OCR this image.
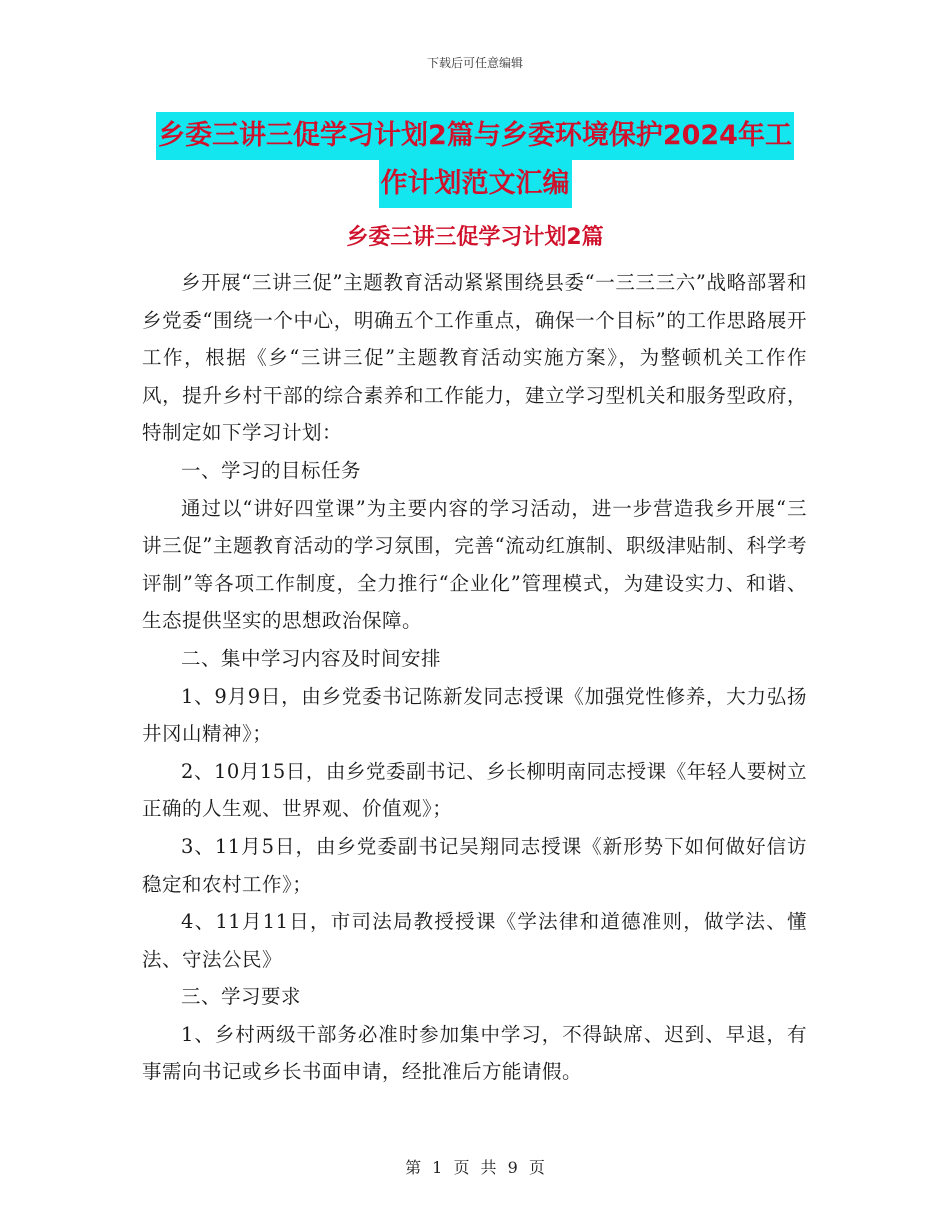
下载后可任意编辑
乡委三讲三促学习计划2篇与乡委环境保护2024年工
作计划范文汇编
乡委三讲三促学习计划2篇

乡开展“三讲三促”主题教育活动紧紧围绕县委“一三三三六”战略部署和乡党委“围绕一个中心，明确五个工作重点，确保一个目标”的工作思路展开工作，根据《乡“三讲三促”主题教育活动实施方案》，为整顿机关工作作风，提升乡村干部的综合素养和工作能力，建立学习型机关和服务型政府，特制定如下学习计划：

一、学习的目标任务

通过以“讲好四堂课”为主要内容的学习活动，进一步营造我乡开展“三讲三促”主题教育活动的学习氛围，完善“流动红旗制、职级津贴制、科学考评制”等各项工作制度，全力推行“企业化”管理模式，为建设实力、和谐、生态提供坚实的思想政治保障。

二、集中学习内容及时间安排

1、9月9日，由乡党委书记陈新发同志授课《加强党性修养，大力弘扬井冈山精神》；

2、10月15日，由乡党委副书记、乡长柳明南同志授课《年轻人要树立正确的人生观、世界观、价值观》；

3、11月5日，由乡党委副书记吴翔同志授课《新形势下如何做好信访稳定和农村工作》；

4、11月11日，市司法局教授授课《学法律和道德准则，做学法、懂法、守法公民》

三、学习要求

1、乡村两级干部务必准时参加集中学习，不得缺席、迟到、早退，有事需向书记或乡长书面申请，经批准后方能请假。

第 1 页 共 9 页
